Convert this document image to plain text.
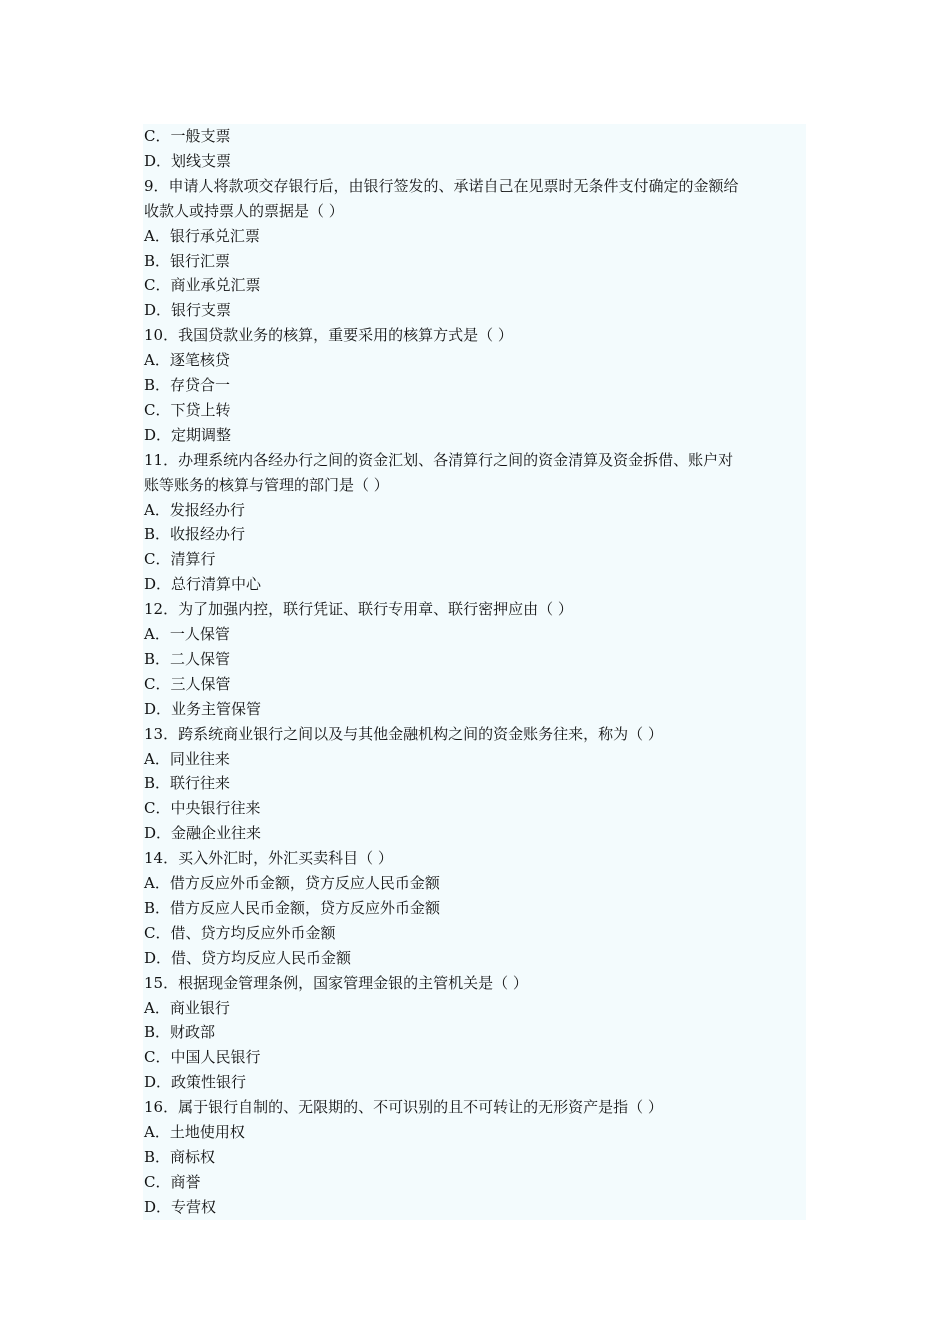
C．一般支票
D．划线支票
9．申请人将款项交存银行后，由银行签发的、承诺自己在见票时无条件支付确定的金额给
收款人或持票人的票据是（ ）
A．银行承兑汇票
B．银行汇票
C．商业承兑汇票
D．银行支票
10．我国贷款业务的核算，重要采用的核算方式是（ ）
A．逐笔核贷
B．存贷合一
C．下贷上转
D．定期调整
11．办理系统内各经办行之间的资金汇划、各清算行之间的资金清算及资金拆借、账户对
账等账务的核算与管理的部门是（ ）
A．发报经办行
B．收报经办行
C．清算行
D．总行清算中心
12．为了加强内控，联行凭证、联行专用章、联行密押应由（ ）
A．一人保管
B．二人保管
C．三人保管
D．业务主管保管
13．跨系统商业银行之间以及与其他金融机构之间的资金账务往来，称为（ ）
A．同业往来
B．联行往来
C．中央银行往来
D．金融企业往来
14．买入外汇时，外汇买卖科目（ ）
A．借方反应外币金额，贷方反应人民币金额
B．借方反应人民币金额，贷方反应外币金额
C．借、贷方均反应外币金额
D．借、贷方均反应人民币金额
15．根据现金管理条例，国家管理金银的主管机关是（ ）
A．商业银行
B．财政部
C．中国人民银行
D．政策性银行
16．属于银行自制的、无限期的、不可识别的且不可转让的无形资产是指（ ）
A．土地使用权
B．商标权
C．商誉
D．专营权
